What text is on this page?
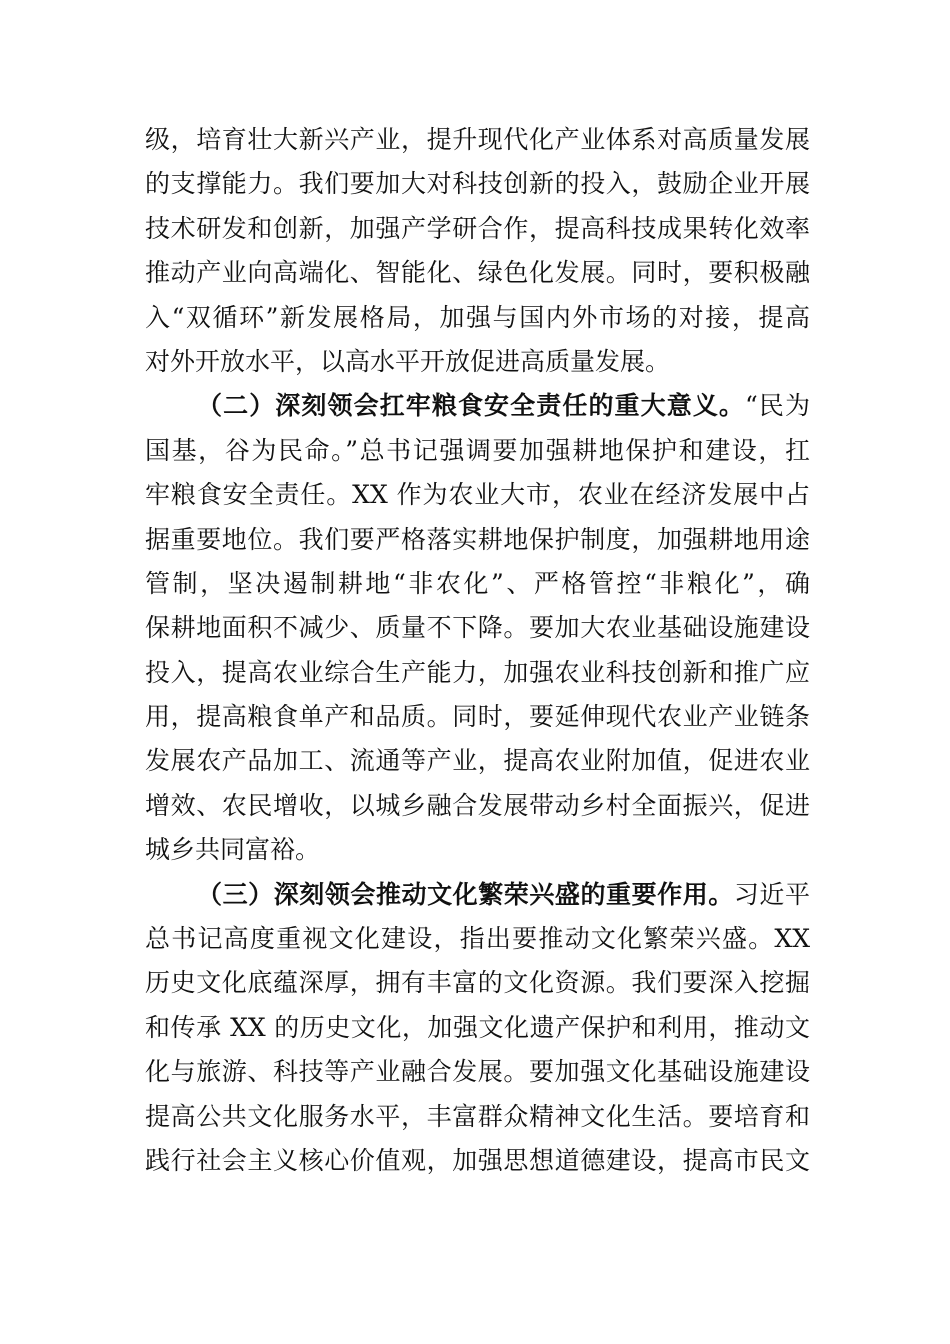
级，培育壮大新兴产业，提升现代化产业体系对高质量发展
的支撑能力。我们要加大对科技创新的投入，鼓励企业开展
技术研发和创新，加强产学研合作，提高科技成果转化效率
推动产业向高端化、智能化、绿色化发展。同时，要积极融
入“双循环”新发展格局，加强与国内外市场的对接，提高
对外开放水平，以高水平开放促进高质量发展。
（二）深刻领会扛牢粮食安全责任的重大意义。“民为
国基，谷为民命。”总书记强调要加强耕地保护和建设，扛
牢粮食安全责任。XX 作为农业大市，农业在经济发展中占
据重要地位。我们要严格落实耕地保护制度，加强耕地用途
管制，坚决遏制耕地“非农化”、严格管控“非粮化”，确
保耕地面积不减少、质量不下降。要加大农业基础设施建设
投入，提高农业综合生产能力，加强农业科技创新和推广应
用，提高粮食单产和品质。同时，要延伸现代农业产业链条
发展农产品加工、流通等产业，提高农业附加值，促进农业
增效、农民增收，以城乡融合发展带动乡村全面振兴，促进
城乡共同富裕。
（三）深刻领会推动文化繁荣兴盛的重要作用。习近平
总书记高度重视文化建设，指出要推动文化繁荣兴盛。XX
历史文化底蕴深厚，拥有丰富的文化资源。我们要深入挖掘
和传承 XX 的历史文化，加强文化遗产保护和利用，推动文
化与旅游、科技等产业融合发展。要加强文化基础设施建设
提高公共文化服务水平，丰富群众精神文化生活。要培育和
践行社会主义核心价值观，加强思想道德建设，提高市民文
